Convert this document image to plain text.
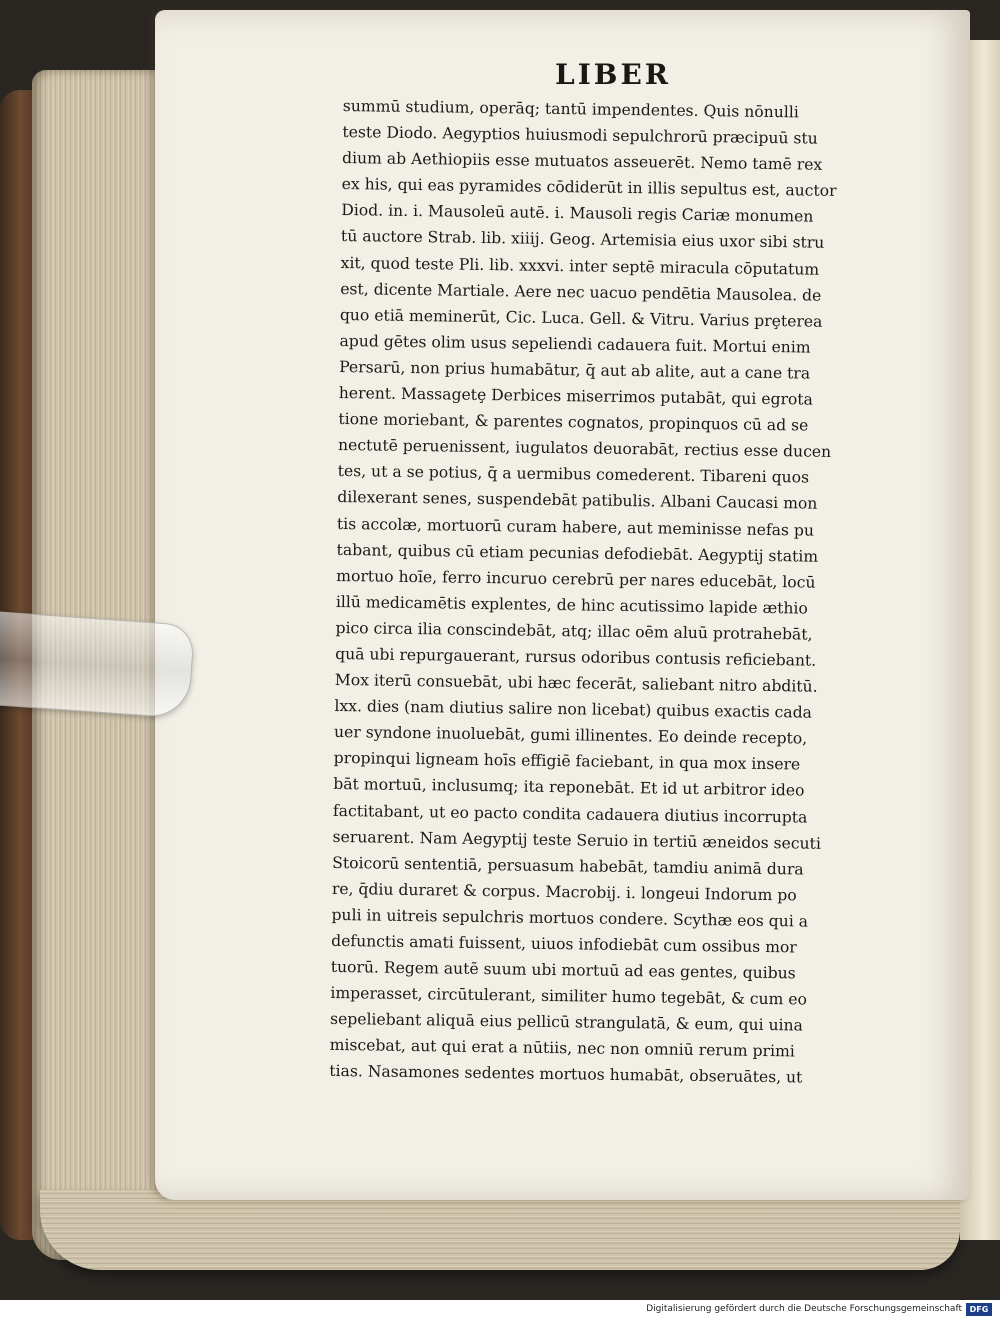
LIBER
summū studium, operāq; tantū impendentes. Quis nōnulli
teste Diodo. Aegyptios huiusmodi sepulchrorū præcipuū stu
dium ab Aethiopiis esse mutuatos asseuerēt. Nemo tamē rex
ex his, qui eas pyramides cōdiderūt in illis sepultus est, auctor
Diod. in. i. Mausoleū autē. i. Mausoli regis Cariæ monumen
tū auctore Strab. lib. xiiij. Geog. Artemisia eius uxor sibi stru
xit, quod teste Pli. lib. xxxvi. inter septē miracula cōputatum
est, dicente Martiale. Aere nec uacuo pendētia Mausolea. de
quo etiā meminerūt, Cic. Luca. Gell. & Vitru. Varius prȩterea
apud gētes olim usus sepeliendi cadauera fuit. Mortui enim
Persarū, non prius humabātur, q̄ aut ab alite, aut a cane tra
herent. Massagetȩ Derbices miserrimos putabāt, qui egrota
tione moriebant, & parentes cognatos, propinquos cū ad se
nectutē peruenissent, iugulatos deuorabāt, rectius esse ducen
tes, ut a se potius, q̄ a uermibus comederent. Tibareni quos
dilexerant senes, suspendebāt patibulis. Albani Caucasi mon
tis accolæ, mortuorū curam habere, aut meminisse nefas pu
tabant, quibus cū etiam pecunias defodiebāt. Aegyptij statim
mortuo hoīe, ferro incuruo cerebrū per nares educebāt, locū
illū medicamētis explentes, de hinc acutissimo lapide æthio
pico circa ilia conscindebāt, atq; illac oēm aluū protrahebāt,
quā ubi repurgauerant, rursus odoribus contusis reficiebant.
Mox iterū consuebāt, ubi hæc fecerāt, saliebant nitro abditū.
lxx. dies (nam diutius salire non licebat) quibus exactis cada
uer syndone inuoluebāt, gumi illinentes. Eo deinde recepto,
propinqui ligneam hoīs effigiē faciebant, in qua mox insere
bāt mortuū, inclusumq; ita reponebāt. Et id ut arbitror ideo
factitabant, ut eo pacto condita cadauera diutius incorrupta
seruarent. Nam Aegyptij teste Seruio in tertiū æneidos secuti
Stoicorū sententiā, persuasum habebāt, tamdiu animā dura
re, q̄diu duraret & corpus. Macrobij. i. longeui Indorum po
puli in uitreis sepulchris mortuos condere. Scythæ eos qui a
defunctis amati fuissent, uiuos infodiebāt cum ossibus mor
tuorū. Regem autē suum ubi mortuū ad eas gentes, quibus
imperasset, circūtulerant, similiter humo tegebāt, & cum eo
sepeliebant aliquā eius pellicū strangulatā, & eum, qui uina
miscebat, aut qui erat a nūtiis, nec non omniū rerum primi
tias. Nasamones sedentes mortuos humabāt, obseruātes, ut
Digitalisierung gefördert durch die Deutsche Forschungsgemeinschaft DFG
